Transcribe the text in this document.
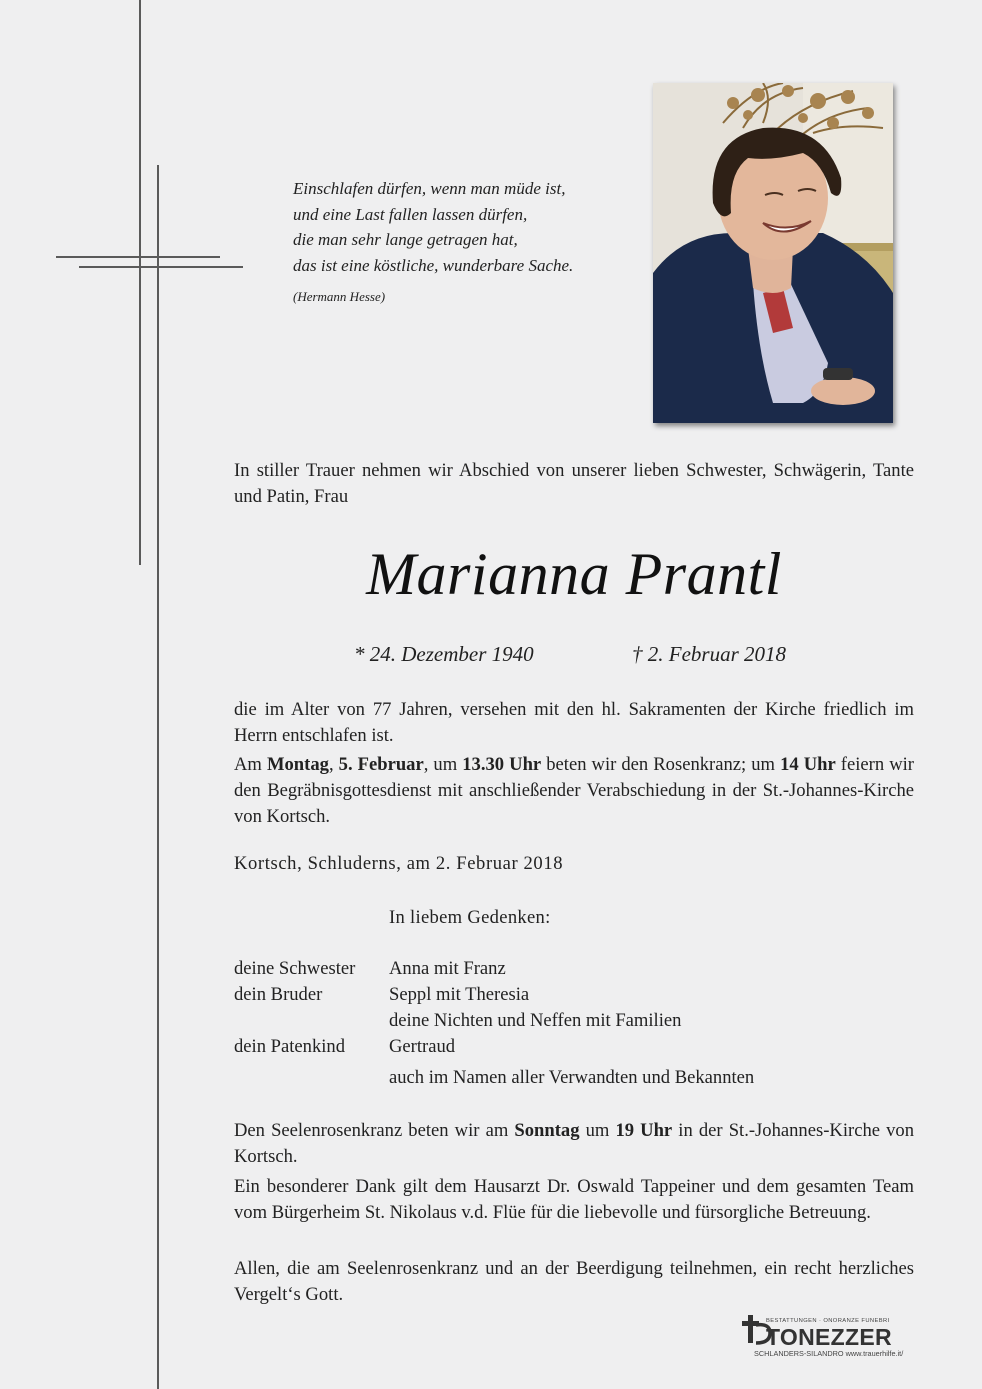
Einschlafen dürfen, wenn man müde ist,
und eine Last fallen lassen dürfen,
die man sehr lange getragen hat,
das ist eine köstliche, wunderbare Sache.
(Hermann Hesse)
In stiller Trauer nehmen wir Abschied von unserer lieben Schwester, Schwägerin, Tante und Patin, Frau
Marianna Prantl
* 24. Dezember 1940	† 2. Februar 2018
die im Alter von 77 Jahren, versehen mit den hl. Sakramenten der Kirche friedlich im Herrn entschlafen ist.
Am Montag, 5. Februar, um 13.30 Uhr beten wir den Rosenkranz; um 14 Uhr feiern wir den Begräbnisgottesdienst mit anschließender Verabschiedung in der St.-Johannes-Kirche von Kortsch.
Kortsch, Schluderns, am 2. Februar 2018
In liebem Gedenken:
deine Schwester Anna mit Franz
dein Bruder	Seppl mit Theresia
deine Nichten und Neffen mit Familien
dein Patenkind Gertraud
auch im Namen aller Verwandten und Bekannten
Den Seelenrosenkranz beten wir am Sonntag um 19 Uhr in der St.-Johannes-Kirche von Kortsch.
Ein besonderer Dank gilt dem Hausarzt Dr. Oswald Tappeiner und dem gesamten Team vom Bürgerheim St. Nikolaus v.d. Flüe für die liebevolle und fürsorgliche Betreuung.
Allen, die am Seelenrosenkranz und an der Beerdigung teilnehmen, ein recht herzliches Vergelt‘s Gott.
BESTATTUNGEN · ONORANZE FUNEBRI
TONEZZER
SCHLANDERS-SILANDRO www.trauerhilfe.it/
